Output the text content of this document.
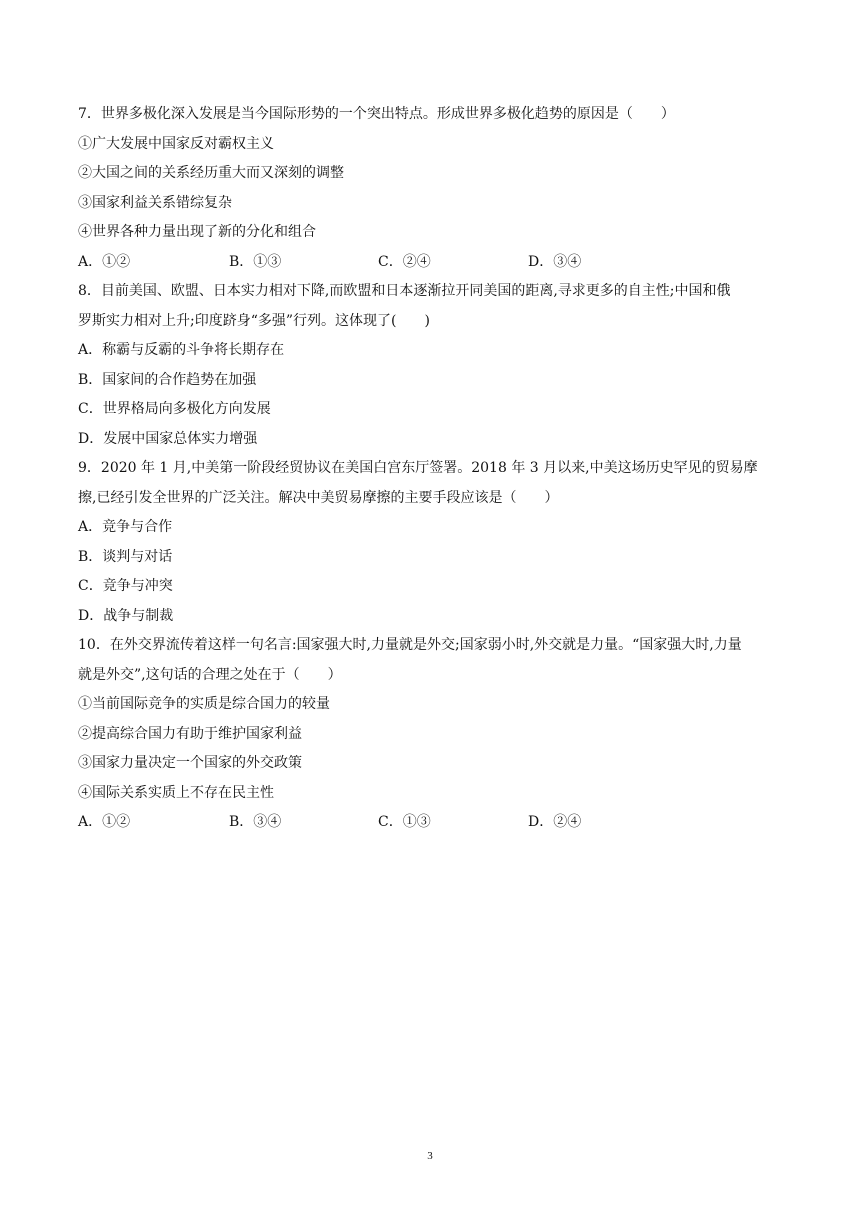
7．世界多极化深入发展是当今国际形势的一个突出特点。形成世界多极化趋势的原因是（　　）
①广大发展中国家反对霸权主义
②大国之间的关系经历重大而又深刻的调整
③国家利益关系错综复杂
④世界各种力量出现了新的分化和组合
A．①②	B．①③	C．②④	D．③④
8．目前美国、欧盟、日本实力相对下降,而欧盟和日本逐渐拉开同美国的距离,寻求更多的自主性;中国和俄
罗斯实力相对上升;印度跻身“多强”行列。这体现了(　　)
A．称霸与反霸的斗争将长期存在
B．国家间的合作趋势在加强
C．世界格局向多极化方向发展
D．发展中国家总体实力增强
9．2020 年 1 月,中美第一阶段经贸协议在美国白宫东厅签署。2018 年 3 月以来,中美这场历史罕见的贸易摩
擦,已经引发全世界的广泛关注。解决中美贸易摩擦的主要手段应该是（　　）
A．竞争与合作
B．谈判与对话
C．竞争与冲突
D．战争与制裁
10．在外交界流传着这样一句名言:国家强大时,力量就是外交;国家弱小时,外交就是力量。“国家强大时,力量
就是外交”,这句话的合理之处在于（　　）
①当前国际竞争的实质是综合国力的较量
②提高综合国力有助于维护国家利益
③国家力量决定一个国家的外交政策
④国际关系实质上不存在民主性
A．①②	B．③④	C．①③	D．②④
3
